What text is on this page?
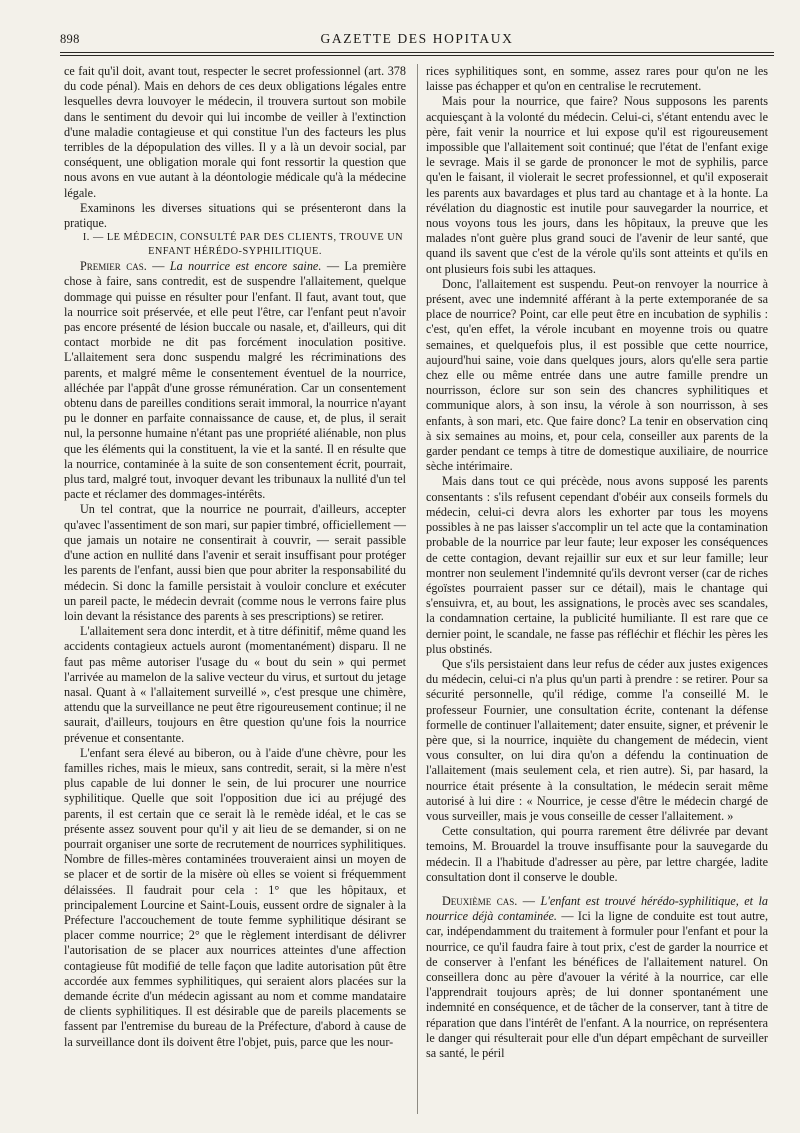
898	GAZETTE DES HOPITAUX

ce fait qu'il doit, avant tout, respecter le secret professionnel (art. 378 du code pénal). Mais en dehors de ces deux obligations légales entre lesquelles devra louvoyer le médecin, il trouvera surtout son mobile dans le sentiment du devoir qui lui incombe de veiller à l'extinction d'une maladie contagieuse et qui constitue l'un des facteurs les plus terribles de la dépopulation des villes. Il y a là un devoir social, par conséquent, une obligation morale qui font ressortir la question que nous avons en vue autant à la déontologie médicale qu'à la médecine légale.

Examinons les diverses situations qui se présenteront dans la pratique.

I. — LE MÉDECIN, CONSULTÉ PAR DES CLIENTS, TROUVE UN ENFANT HÉRÉDO-SYPHILITIQUE.

Premier cas. — La nourrice est encore saine. — La première chose à faire, sans contredit, est de suspendre l'allaitement, quelque dommage qui puisse en résulter pour l'enfant. Il faut, avant tout, que la nourrice soit préservée, et elle peut l'être, car l'enfant peut n'avoir pas encore présenté de lésion buccale ou nasale, et, d'ailleurs, qui dit contact morbide ne dit pas forcément inoculation positive. L'allaitement sera donc suspendu malgré les récriminations des parents, et malgré même le consentement éventuel de la nourrice, alléchée par l'appât d'une grosse rémunération. Car un consentement obtenu dans de pareilles conditions serait immoral, la nourrice n'ayant pu le donner en parfaite connaissance de cause, et, de plus, il serait nul, la personne humaine n'étant pas une propriété aliénable, non plus que les éléments qui la constituent, la vie et la santé. Il en résulte que la nourrice, contaminée à la suite de son consentement écrit, pourrait, plus tard, malgré tout, invoquer devant les tribunaux la nullité d'un tel pacte et réclamer des dommages-intérêts.

Un tel contrat, que la nourrice ne pourrait, d'ailleurs, accepter qu'avec l'assentiment de son mari, sur papier timbré, officiellement — que jamais un notaire ne consentirait à couvrir, — serait passible d'une action en nullité dans l'avenir et serait insuffisant pour protéger les parents de l'enfant, aussi bien que pour abriter la responsabilité du médecin. Si donc la famille persistait à vouloir conclure et exécuter un pareil pacte, le médecin devrait (comme nous le verrons faire plus loin devant la résistance des parents à ses prescriptions) se retirer.

L'allaitement sera donc interdit, et à titre définitif, même quand les accidents contagieux actuels auront (momentanément) disparu. Il ne faut pas même autoriser l'usage du « bout du sein » qui permet l'arrivée au mamelon de la salive vecteur du virus, et surtout du jetage nasal. Quant à « l'allaitement surveillé », c'est presque une chimère, attendu que la surveillance ne peut être rigoureusement continue; il ne saurait, d'ailleurs, toujours en être question qu'une fois la nourrice prévenue et consentante.

L'enfant sera élevé au biberon, ou à l'aide d'une chèvre, pour les familles riches, mais le mieux, sans contredit, serait, si la mère n'est plus capable de lui donner le sein, de lui procurer une nourrice syphilitique. Quelle que soit l'opposition due ici au préjugé des parents, il est certain que ce serait là le remède idéal, et le cas se présente assez souvent pour qu'il y ait lieu de se demander, si on ne pourrait organiser une sorte de recrutement de nourrices syphilitiques. Nombre de filles-mères contaminées trouveraient ainsi un moyen de se placer et de sortir de la misère où elles se voient si fréquemment délaissées. Il faudrait pour cela : 1° que les hôpitaux, et principalement Lourcine et Saint-Louis, eussent ordre de signaler à la Préfecture l'accouchement de toute femme syphilitique désirant se placer comme nourrice; 2° que le règlement interdisant de délivrer l'autorisation de se placer aux nourrices atteintes d'une affection contagieuse fût modifié de telle façon que ladite autorisation pût être accordée aux femmes syphilitiques, qui seraient alors placées sur la demande écrite d'un médecin agissant au nom et comme mandataire de clients syphilitiques. Il est désirable que de pareils placements se fassent par l'entremise du bureau de la Préfecture, d'abord à cause de la surveillance dont ils doivent être l'objet, puis, parce que les nour-

rices syphilitiques sont, en somme, assez rares pour qu'on ne les laisse pas échapper et qu'on en centralise le recrutement.

Mais pour la nourrice, que faire? Nous supposons les parents acquiesçant à la volonté du médecin. Celui-ci, s'étant entendu avec le père, fait venir la nourrice et lui expose qu'il est rigoureusement impossible que l'allaitement soit continué; que l'état de l'enfant exige le sevrage. Mais il se garde de prononcer le mot de syphilis, parce qu'en le faisant, il violerait le secret professionnel, et qu'il exposerait les parents aux bavardages et plus tard au chantage et à la honte. La révélation du diagnostic est inutile pour sauvegarder la nourrice, et nous voyons tous les jours, dans les hôpitaux, la preuve que les malades n'ont guère plus grand souci de l'avenir de leur santé, que quand ils savent que c'est de la vérole qu'ils sont atteints et qu'ils en ont plusieurs fois subi les attaques.

Donc, l'allaitement est suspendu. Peut-on renvoyer la nourrice à présent, avec une indemnité afférant à la perte extemporanée de sa place de nourrice? Point, car elle peut être en incubation de syphilis : c'est, qu'en effet, la vérole incubant en moyenne trois ou quatre semaines, et quelquefois plus, il est possible que cette nourrice, aujourd'hui saine, voie dans quelques jours, alors qu'elle sera partie chez elle ou même entrée dans une autre famille prendre un nourrisson, éclore sur son sein des chancres syphilitiques et communique alors, à son insu, la vérole à son nourrisson, à ses enfants, à son mari, etc. Que faire donc? La tenir en observation cinq à six semaines au moins, et, pour cela, conseiller aux parents de la garder pendant ce temps à titre de domestique auxiliaire, de nourrice sèche intérimaire.

Mais dans tout ce qui précède, nous avons supposé les parents consentants : s'ils refusent cependant d'obéir aux conseils formels du médecin, celui-ci devra alors les exhorter par tous les moyens possibles à ne pas laisser s'accomplir un tel acte que la contamination probable de la nourrice par leur faute; leur exposer les conséquences de cette contagion, devant rejaillir sur eux et sur leur famille; leur montrer non seulement l'indemnité qu'ils devront verser (car de riches égoïstes pourraient passer sur ce détail), mais le chantage qui s'ensuivra, et, au bout, les assignations, le procès avec ses scandales, la condamnation certaine, la publicité humiliante. Il est rare que ce dernier point, le scandale, ne fasse pas réfléchir et fléchir les pères les plus obstinés.

Que s'ils persistaient dans leur refus de céder aux justes exigences du médecin, celui-ci n'a plus qu'un parti à prendre : se retirer. Pour sa sécurité personnelle, qu'il rédige, comme l'a conseillé M. le professeur Fournier, une consultation écrite, contenant la défense formelle de continuer l'allaitement; dater ensuite, signer, et prévenir le père que, si la nourrice, inquiète du changement de médecin, vient vous consulter, on lui dira qu'on a défendu la continuation de l'allaitement (mais seulement cela, et rien autre). Si, par hasard, la nourrice était présente à la consultation, le médecin serait même autorisé à lui dire : « Nourrice, je cesse d'être le médecin chargé de vous surveiller, mais je vous conseille de cesser l'allaitement. »

Cette consultation, qui pourra rarement être délivrée par devant temoins, M. Brouardel la trouve insuffisante pour la sauvegarde du médecin. Il a l'habitude d'adresser au père, par lettre chargée, ladite consultation dont il conserve le double.

Deuxième cas. — L'enfant est trouvé hérédo-syphilitique, et la nourrice déjà contaminée. — Ici la ligne de conduite est tout autre, car, indépendamment du traitement à formuler pour l'enfant et pour la nourrice, ce qu'il faudra faire à tout prix, c'est de garder la nourrice et de conserver à l'enfant les bénéfices de l'allaitement naturel. On conseillera donc au père d'avouer la vérité à la nourrice, car elle l'apprendrait toujours après; de lui donner spontanément une indemnité en conséquence, et de tâcher de la conserver, tant à titre de réparation que dans l'intérêt de l'enfant. A la nourrice, on représentera le danger qui résulterait pour elle d'un départ empêchant de surveiller sa santé, le péril
